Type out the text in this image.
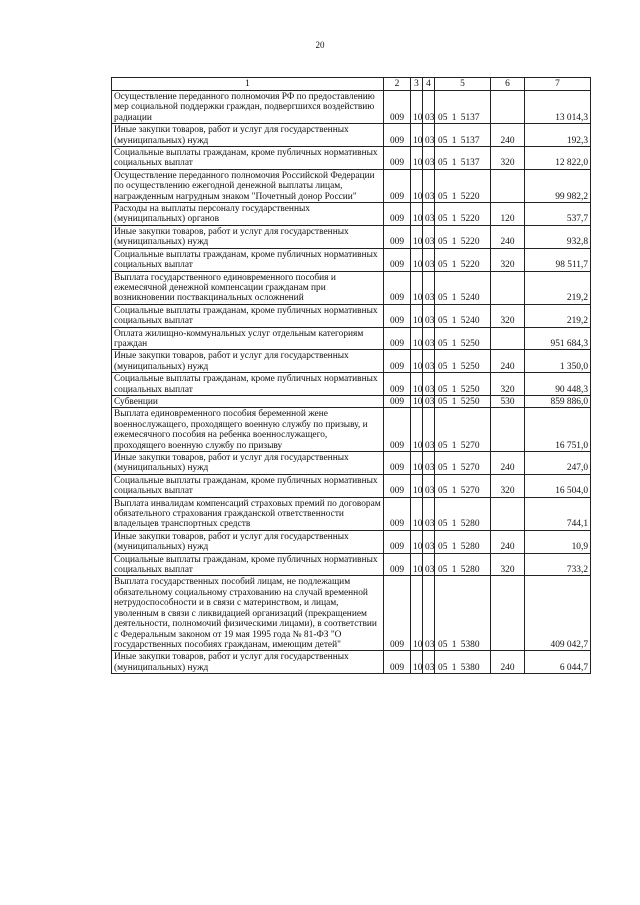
20
1	2	3	4	5	6	7
Осуществление переданного полномочия РФ по предоставлению мер социальной поддержки граждан, подвергшихся воздействию радиации	009	10	03	05 1 5137		13 014,3
Иные закупки товаров, работ и услуг для государственных (муниципальных) нужд	009	10	03	05 1 5137	240	192,3
Социальные выплаты гражданам, кроме публичных нормативных социальных выплат	009	10	03	05 1 5137	320	12 822,0
Осуществление переданного полномочия Российской Федерации по осуществлению ежегодной денежной выплаты лицам, награжденным нагрудным знаком "Почетный донор России"	009	10	03	05 1 5220		99 982,2
Расходы на выплаты персоналу государственных (муниципальных) органов	009	10	03	05 1 5220	120	537,7
Иные закупки товаров, работ и услуг для государственных (муниципальных) нужд	009	10	03	05 1 5220	240	932,8
Социальные выплаты гражданам, кроме публичных нормативных социальных выплат	009	10	03	05 1 5220	320	98 511,7
Выплата государственного единовременного пособия и ежемесячной денежной компенсации гражданам при возникновении поствакцинальных осложнений	009	10	03	05 1 5240		219,2
Социальные выплаты гражданам, кроме публичных нормативных социальных выплат	009	10	03	05 1 5240	320	219,2
Оплата жилищно-коммунальных услуг отдельным категориям граждан	009	10	03	05 1 5250		951 684,3
Иные закупки товаров, работ и услуг для государственных (муниципальных) нужд	009	10	03	05 1 5250	240	1 350,0
Социальные выплаты гражданам, кроме публичных нормативных социальных выплат	009	10	03	05 1 5250	320	90 448,3
Субвенции	009	10	03	05 1 5250	530	859 886,0
Выплата единовременного пособия беременной жене военнослужащего, проходящего военную службу по призыву, и ежемесячного пособия на ребенка военнослужащего, проходящего военную службу по призыву	009	10	03	05 1 5270		16 751,0
Иные закупки товаров, работ и услуг для государственных (муниципальных) нужд	009	10	03	05 1 5270	240	247,0
Социальные выплаты гражданам, кроме публичных нормативных социальных выплат	009	10	03	05 1 5270	320	16 504,0
Выплата инвалидам компенсаций страховых премий по договорам обязательного страхования гражданской ответственности владельцев транспортных средств	009	10	03	05 1 5280		744,1
Иные закупки товаров, работ и услуг для государственных (муниципальных) нужд	009	10	03	05 1 5280	240	10,9
Социальные выплаты гражданам, кроме публичных нормативных социальных выплат	009	10	03	05 1 5280	320	733,2
Выплата государственных пособий лицам, не подлежащим обязательному социальному страхованию на случай временной нетрудоспособности и в связи с материнством, и лицам, уволенным в связи с ликвидацией организаций (прекращением деятельности, полномочий физическими лицами), в соответствии с Федеральным законом от 19 мая 1995 года № 81-ФЗ "О государственных пособиях гражданам, имеющим детей"	009	10	03	05 1 5380		409 042,7
Иные закупки товаров, работ и услуг для государственных (муниципальных) нужд	009	10	03	05 1 5380	240	6 044,7
